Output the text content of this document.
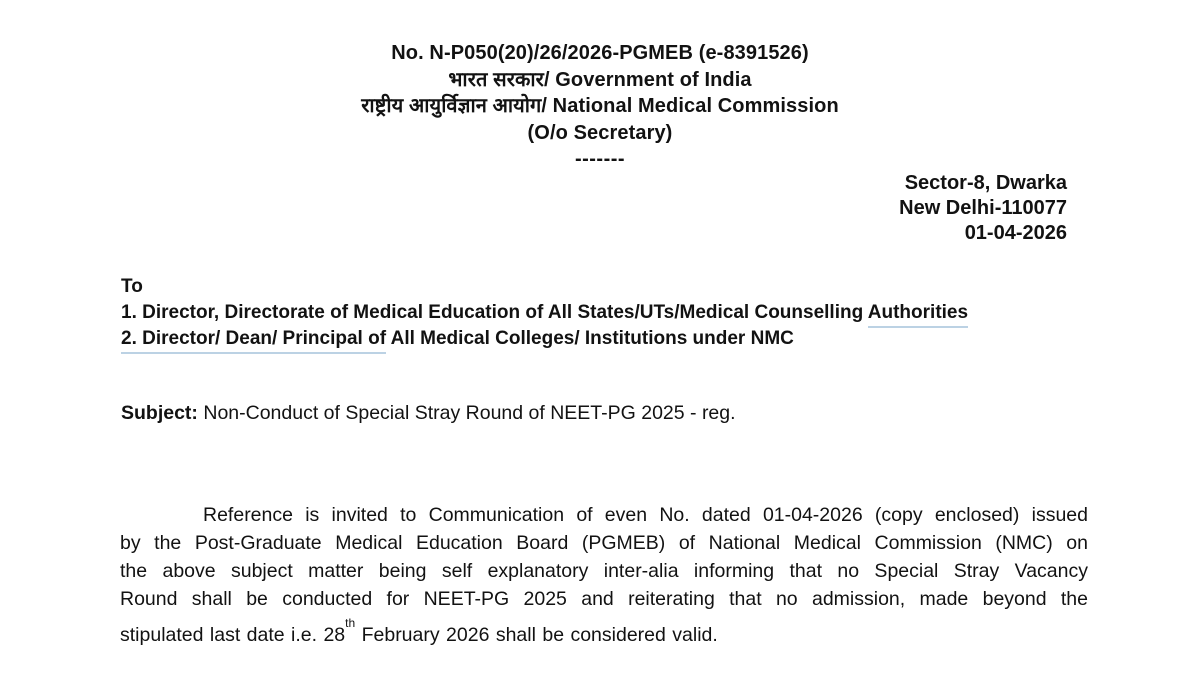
No. N-P050(20)/26/2026-PGMEB (e-8391526)
भारत सरकार/ Government of India
राष्ट्रीय आयुर्विज्ञान आयोग/ National Medical Commission
(O/o Secretary)
-------
Sector-8, Dwarka
New Delhi-110077
01-04-2026
To
1. Director, Directorate of Medical Education of All States/UTs/Medical Counselling Authorities
2. Director/ Dean/ Principal of All Medical Colleges/ Institutions under NMC
Subject: Non-Conduct of Special Stray Round of NEET-PG 2025 - reg.
Reference is invited to Communication of even No. dated 01-04-2026 (copy enclosed) issued
by the Post-Graduate Medical Education Board (PGMEB) of National Medical Commission (NMC) on
the above subject matter being self explanatory inter-alia informing that no Special Stray Vacancy
Round shall be conducted for NEET-PG 2025 and reiterating that no admission, made beyond the
stipulated last date i.e. 28th February 2026 shall be considered valid.
